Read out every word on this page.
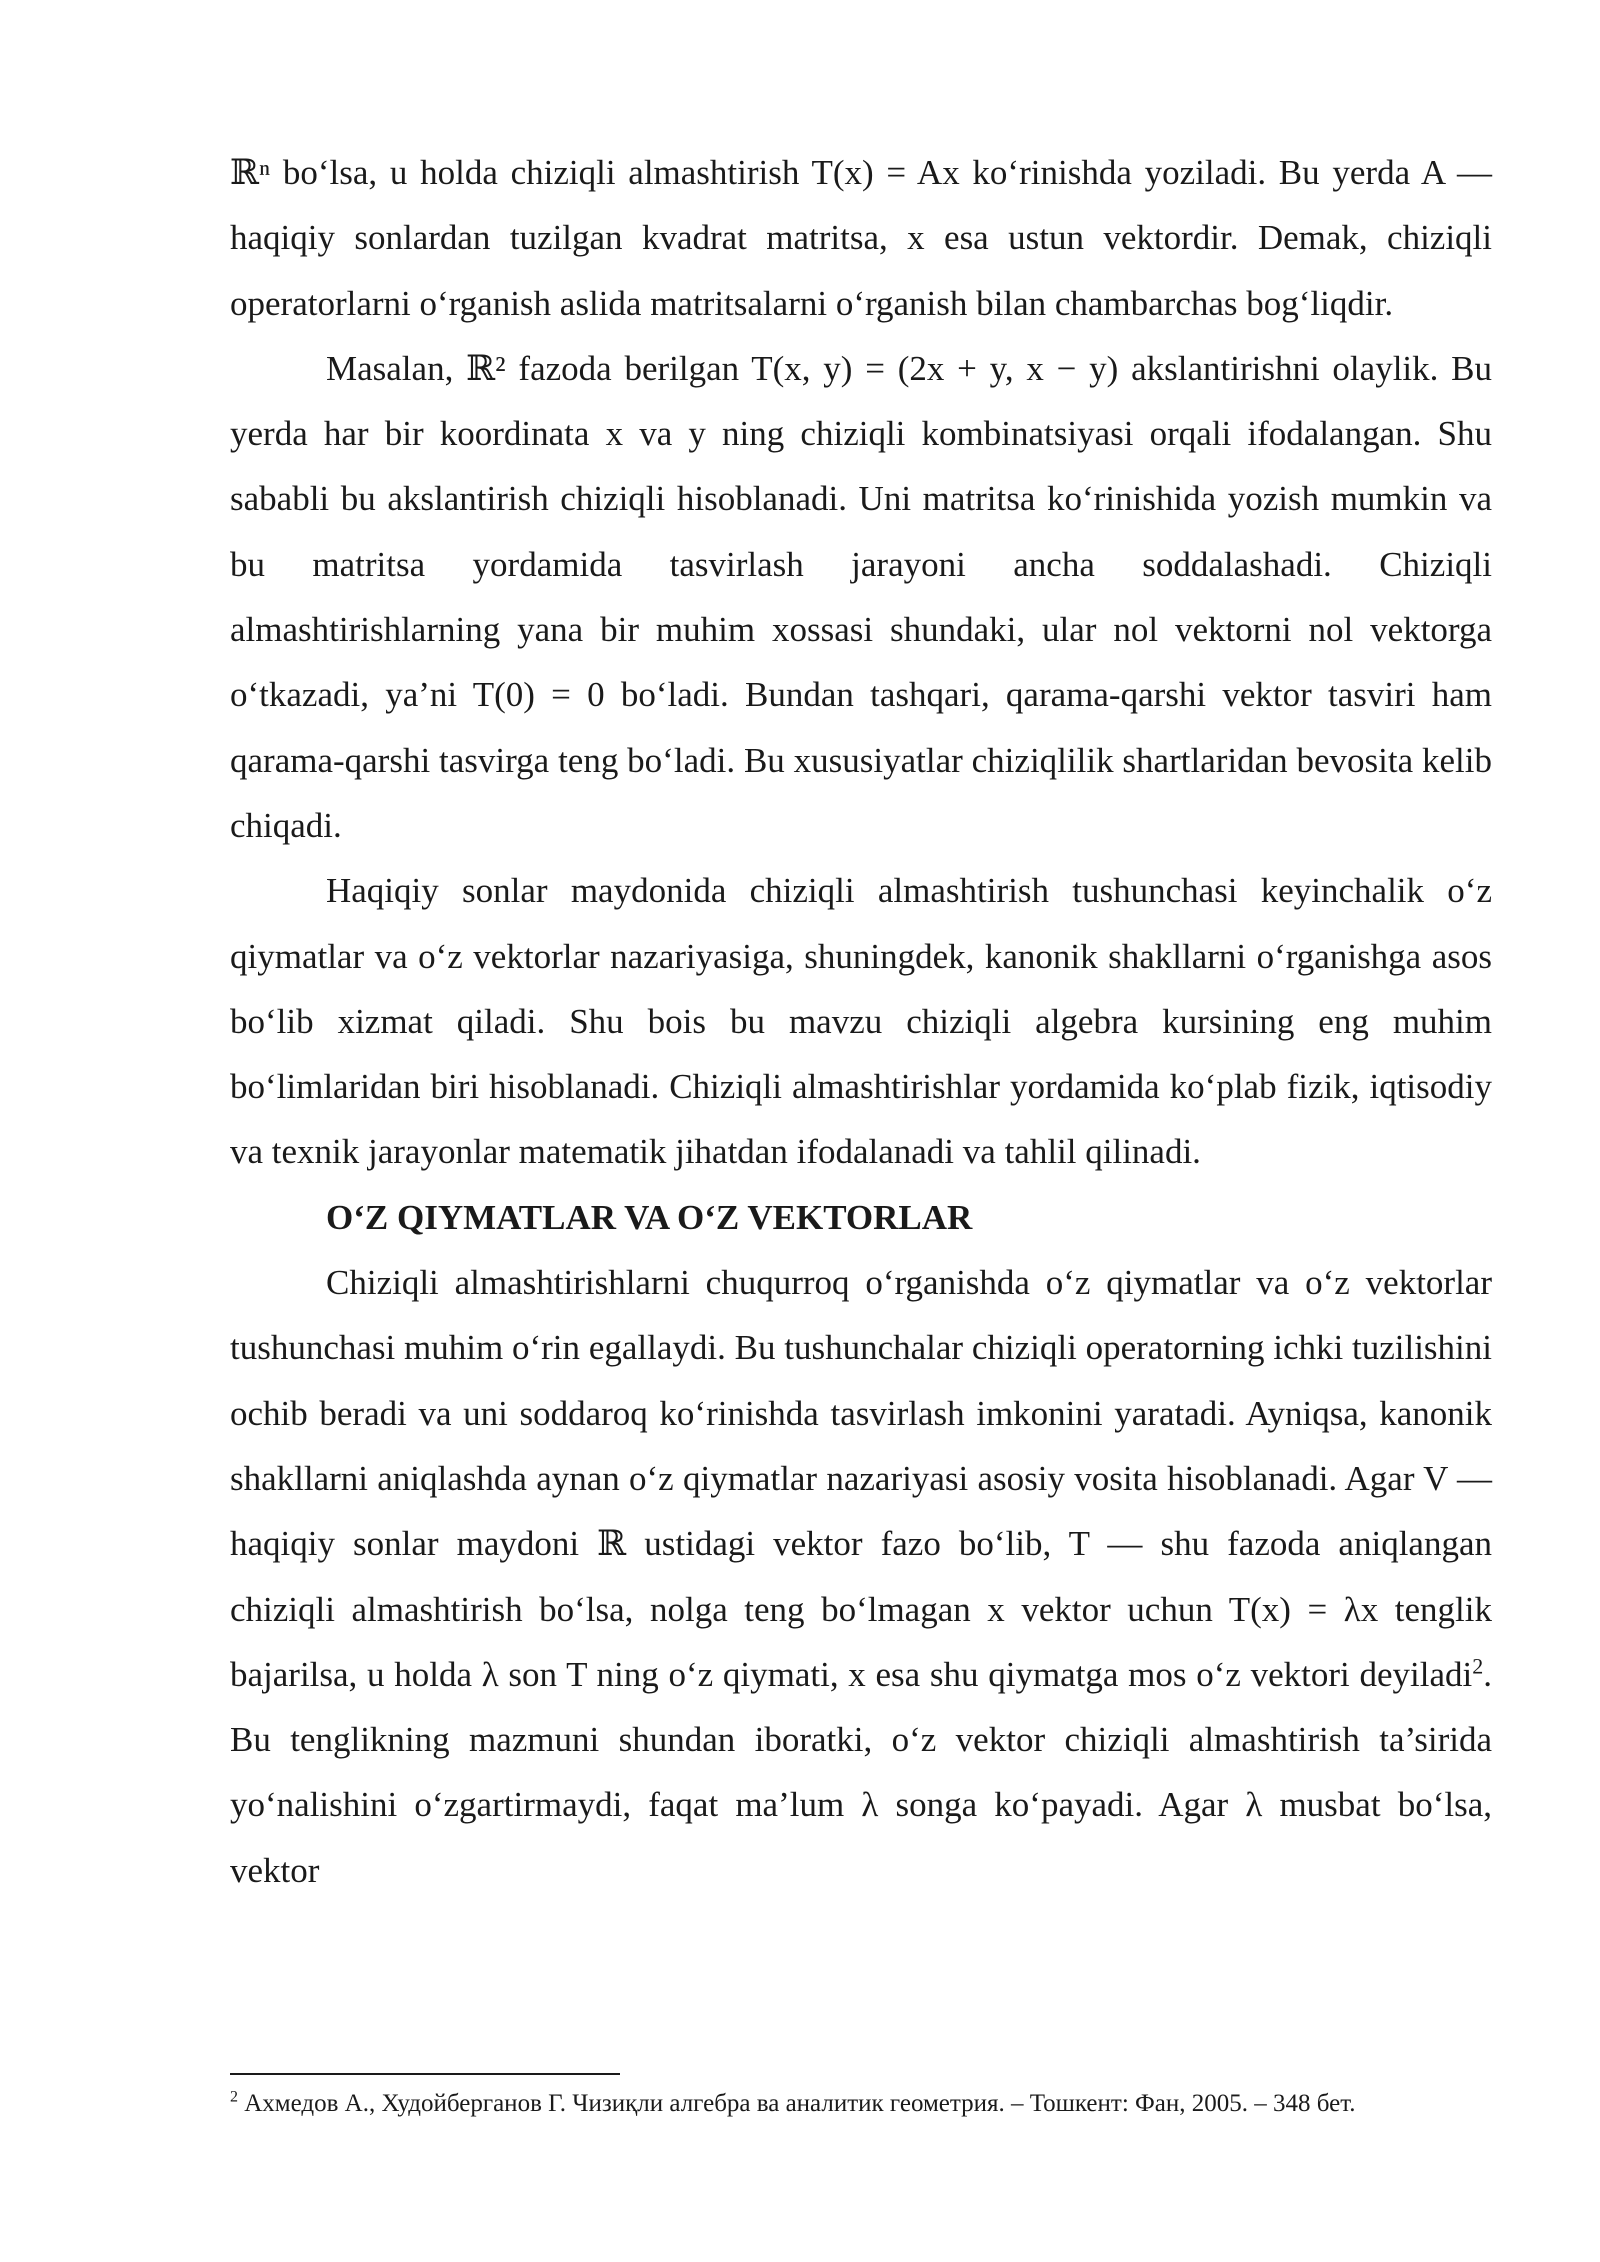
ℝⁿ bo‘lsa, u holda chiziqli almashtirish T(x) = Ax ko‘rinishda yoziladi. Bu yerda A — haqiqiy sonlardan tuzilgan kvadrat matritsa, x esa ustun vektordir. Demak, chiziqli operatorlarni o‘rganish aslida matritsalarni o‘rganish bilan chambarchas bog‘liqdir.

Masalan, ℝ² fazoda berilgan T(x, y) = (2x + y, x − y) akslantirishni olaylik. Bu yerda har bir koordinata x va y ning chiziqli kombinatsiyasi orqali ifodalangan. Shu sababli bu akslantirish chiziqli hisoblanadi. Uni matritsa ko‘rinishida yozish mumkin va bu matritsa yordamida tasvirlash jarayoni ancha soddalashadi. Chiziqli almashtirishlarning yana bir muhim xossasi shundaki, ular nol vektorni nol vektorga o‘tkazadi, ya’ni T(0) = 0 bo‘ladi. Bundan tashqari, qarama-qarshi vektor tasviri ham qarama-qarshi tasvirga teng bo‘ladi. Bu xususiyatlar chiziqlilik shartlaridan bevosita kelib chiqadi.

Haqiqiy sonlar maydonida chiziqli almashtirish tushunchasi keyinchalik o‘z qiymatlar va o‘z vektorlar nazariyasiga, shuningdek, kanonik shakllarni o‘rganishga asos bo‘lib xizmat qiladi. Shu bois bu mavzu chiziqli algebra kursining eng muhim bo‘limlaridan biri hisoblanadi. Chiziqli almashtirishlar yordamida ko‘plab fizik, iqtisodiy va texnik jarayonlar matematik jihatdan ifodalanadi va tahlil qilinadi.

O‘Z QIYMATLAR VA O‘Z VEKTORLAR

Chiziqli almashtirishlarni chuqurroq o‘rganishda o‘z qiymatlar va o‘z vektorlar tushunchasi muhim o‘rin egallaydi. Bu tushunchalar chiziqli operatorning ichki tuzilishini ochib beradi va uni soddaroq ko‘rinishda tasvirlash imkonini yaratadi. Ayniqsa, kanonik shakllarni aniqlashda aynan o‘z qiymatlar nazariyasi asosiy vosita hisoblanadi. Agar V — haqiqiy sonlar maydoni ℝ ustidagi vektor fazo bo‘lib, T — shu fazoda aniqlangan chiziqli almashtirish bo‘lsa, nolga teng bo‘lmagan x vektor uchun T(x) = λx tenglik bajarilsa, u holda λ son T ning o‘z qiymati, x esa shu qiymatga mos o‘z vektori deyiladi$^2$. Bu tenglikning mazmuni shundan iboratki, o‘z vektor chiziqli almashtirish ta’sirida yo‘nalishini o‘zgartirmaydi, faqat ma’lum λ songa ko‘payadi. Agar λ musbat bo‘lsa, vektor

$^2$ Ахмедов А., Худойберганов Г. Чизиқли алгебра ва аналитик геометрия. – Тошкент: Фан, 2005. – 348 бет.
